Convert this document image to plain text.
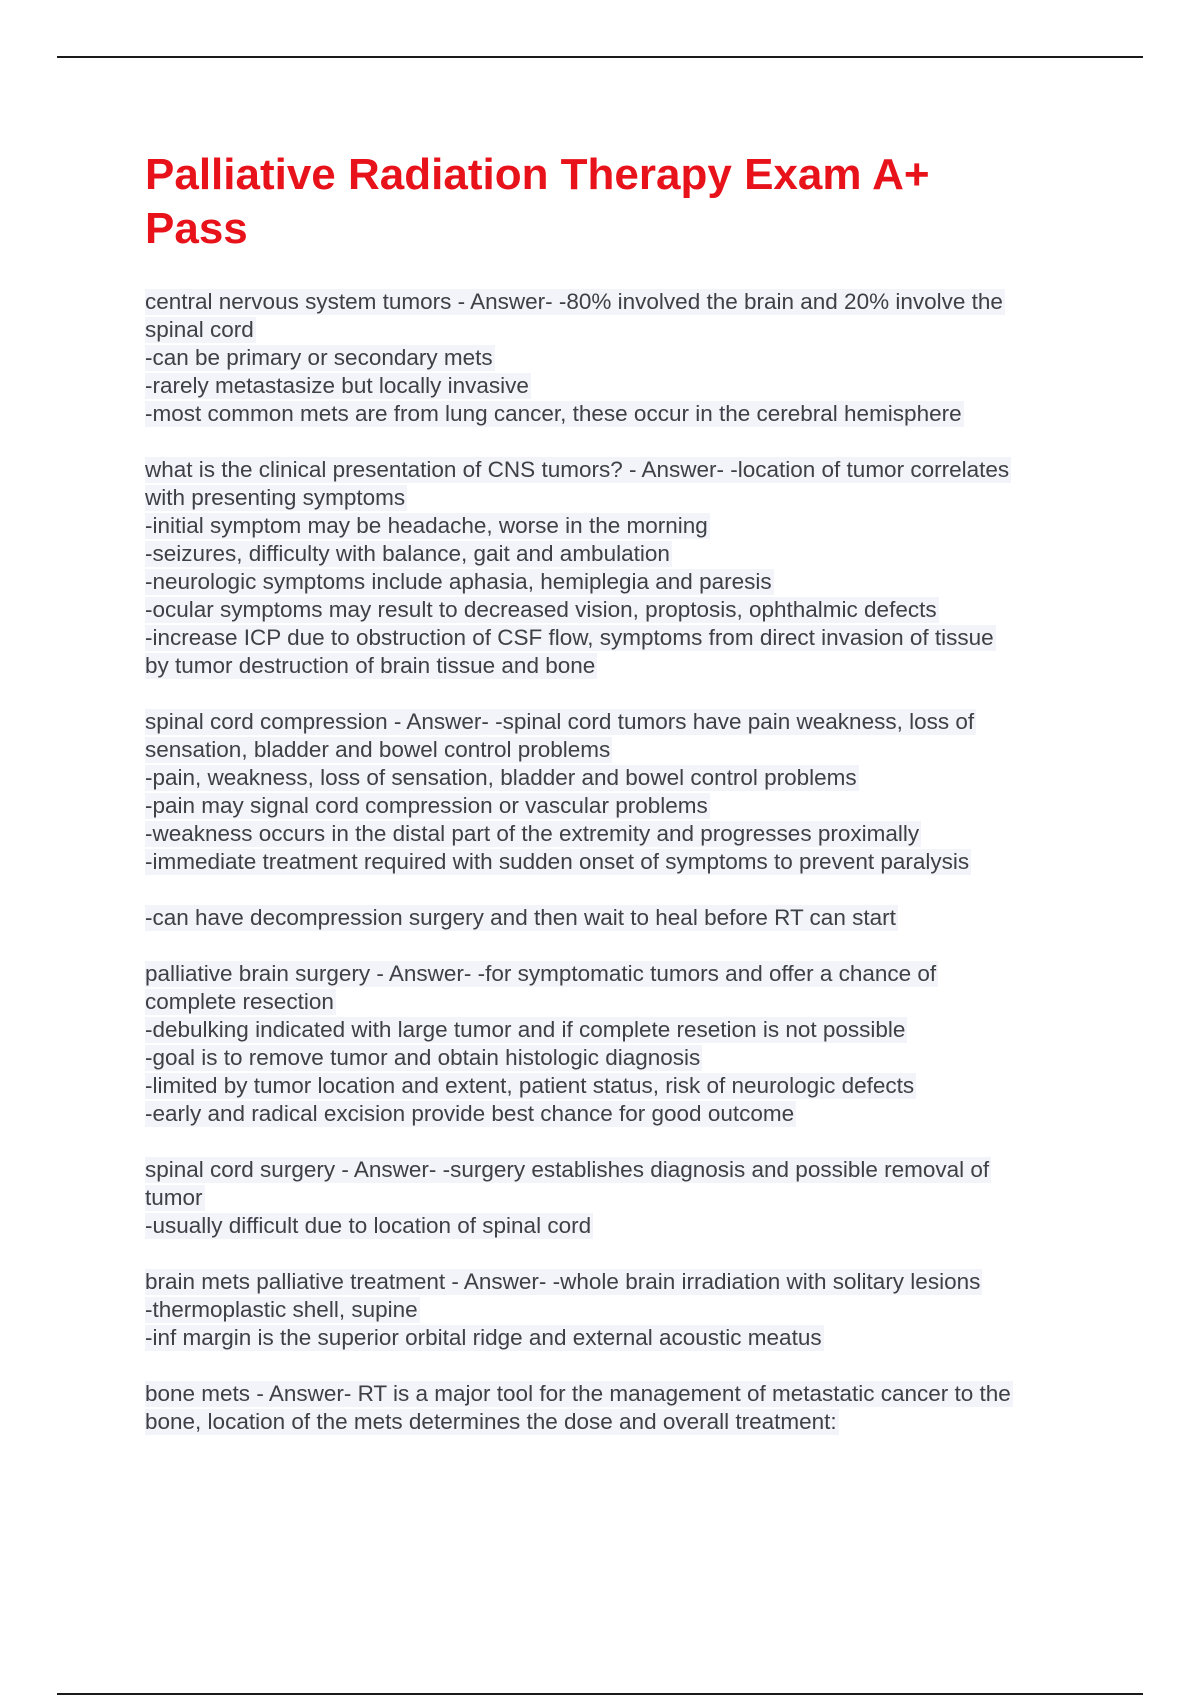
Palliative Radiation Therapy Exam A+
Pass
central nervous system tumors - Answer- -80% involved the brain and 20% involve the
spinal cord
-can be primary or secondary mets
-rarely metastasize but locally invasive
-most common mets are from lung cancer, these occur in the cerebral hemisphere
what is the clinical presentation of CNS tumors? - Answer- -location of tumor correlates
with presenting symptoms
-initial symptom may be headache, worse in the morning
-seizures, difficulty with balance, gait and ambulation
-neurologic symptoms include aphasia, hemiplegia and paresis
-ocular symptoms may result to decreased vision, proptosis, ophthalmic defects
-increase ICP due to obstruction of CSF flow, symptoms from direct invasion of tissue
by tumor destruction of brain tissue and bone
spinal cord compression - Answer- -spinal cord tumors have pain weakness, loss of
sensation, bladder and bowel control problems
-pain, weakness, loss of sensation, bladder and bowel control problems
-pain may signal cord compression or vascular problems
-weakness occurs in the distal part of the extremity and progresses proximally
-immediate treatment required with sudden onset of symptoms to prevent paralysis
-can have decompression surgery and then wait to heal before RT can start
palliative brain surgery - Answer- -for symptomatic tumors and offer a chance of
complete resection
-debulking indicated with large tumor and if complete resetion is not possible
-goal is to remove tumor and obtain histologic diagnosis
-limited by tumor location and extent, patient status, risk of neurologic defects
-early and radical excision provide best chance for good outcome
spinal cord surgery - Answer- -surgery establishes diagnosis and possible removal of
tumor
-usually difficult due to location of spinal cord
brain mets palliative treatment - Answer- -whole brain irradiation with solitary lesions
-thermoplastic shell, supine
-inf margin is the superior orbital ridge and external acoustic meatus
bone mets - Answer- RT is a major tool for the management of metastatic cancer to the
bone, location of the mets determines the dose and overall treatment:
